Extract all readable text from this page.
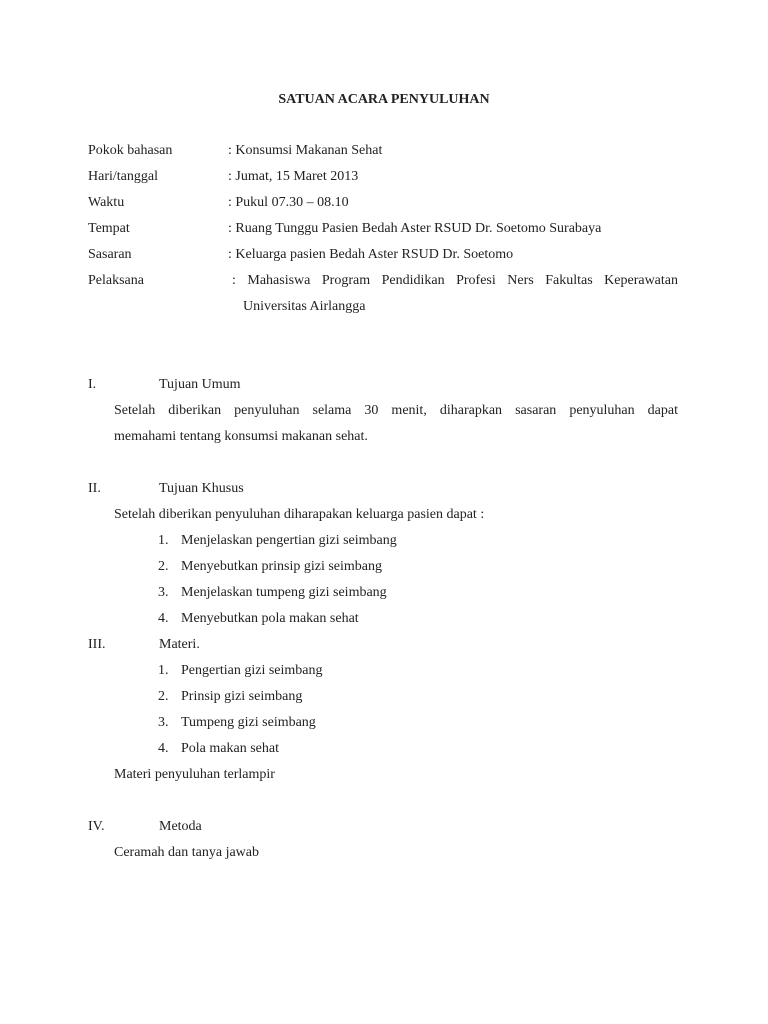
SATUAN ACARA PENYULUHAN
Pokok bahasan	: Konsumsi Makanan Sehat
Hari/tanggal	: Jumat, 15 Maret 2013
Waktu	: Pukul 07.30 – 08.10
Tempat	: Ruang Tunggu Pasien Bedah Aster RSUD Dr. Soetomo Surabaya
Sasaran	: Keluarga pasien Bedah Aster RSUD Dr. Soetomo
Pelaksana	: Mahasiswa Program Pendidikan Profesi Ners Fakultas Keperawatan
Universitas Airlangga
I.	Tujuan Umum
Setelah diberikan penyuluhan selama 30 menit, diharapkan sasaran penyuluhan dapat
memahami tentang konsumsi makanan sehat.
II.	Tujuan Khusus
Setelah diberikan penyuluhan diharapakan keluarga pasien dapat :
1. Menjelaskan pengertian gizi seimbang
2. Menyebutkan prinsip gizi seimbang
3. Menjelaskan tumpeng gizi seimbang
4. Menyebutkan pola makan sehat
III.	Materi.
1. Pengertian gizi seimbang
2. Prinsip gizi seimbang
3. Tumpeng gizi seimbang
4. Pola makan sehat
Materi penyuluhan terlampir
IV.	Metoda
Ceramah dan tanya jawab
